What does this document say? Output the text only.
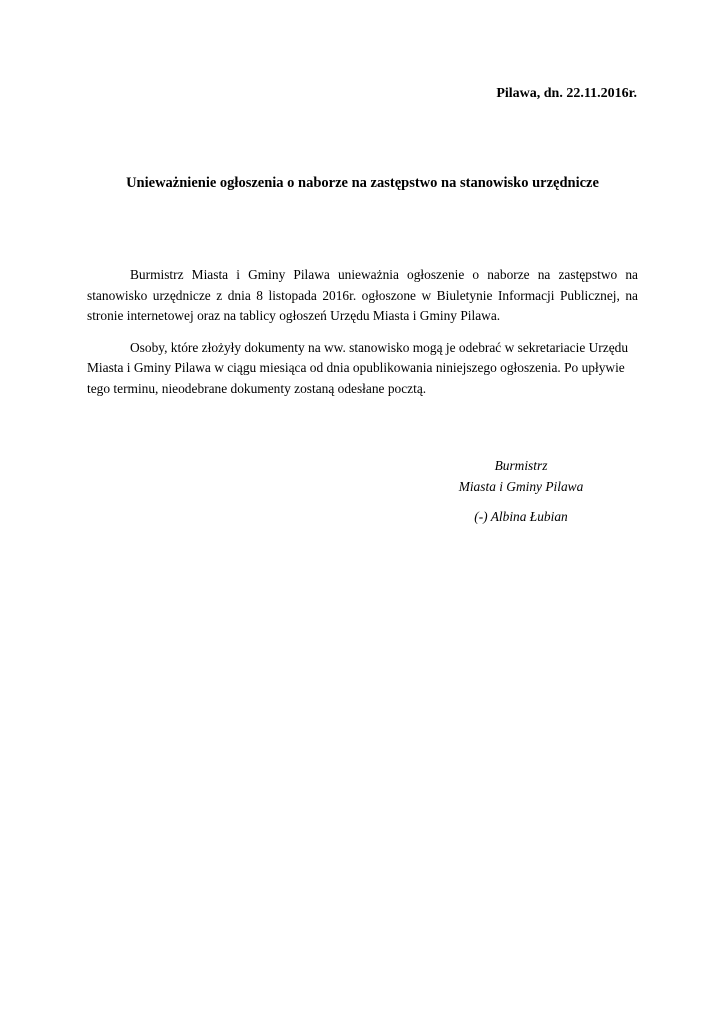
Pilawa, dn. 22.11.2016r.
Unieważnienie ogłoszenia o naborze na zastępstwo na stanowisko urzędnicze

Burmistrz Miasta i Gminy Pilawa unieważnia ogłoszenie o naborze na zastępstwo na stanowisko urzędnicze z dnia 8 listopada 2016r. ogłoszone w Biuletynie Informacji Publicznej, na stronie internetowej oraz na tablicy ogłoszeń Urzędu Miasta i Gminy Pilawa.

Osoby, które złożyły dokumenty na ww. stanowisko mogą je odebrać w sekretariacie Urzędu Miasta i Gminy Pilawa w ciągu miesiąca od dnia opublikowania niniejszego ogłoszenia. Po upływie tego terminu, nieodebrane dokumenty zostaną odesłane pocztą.

Burmistrz
Miasta i Gminy Pilawa
(-) Albina Łubian
